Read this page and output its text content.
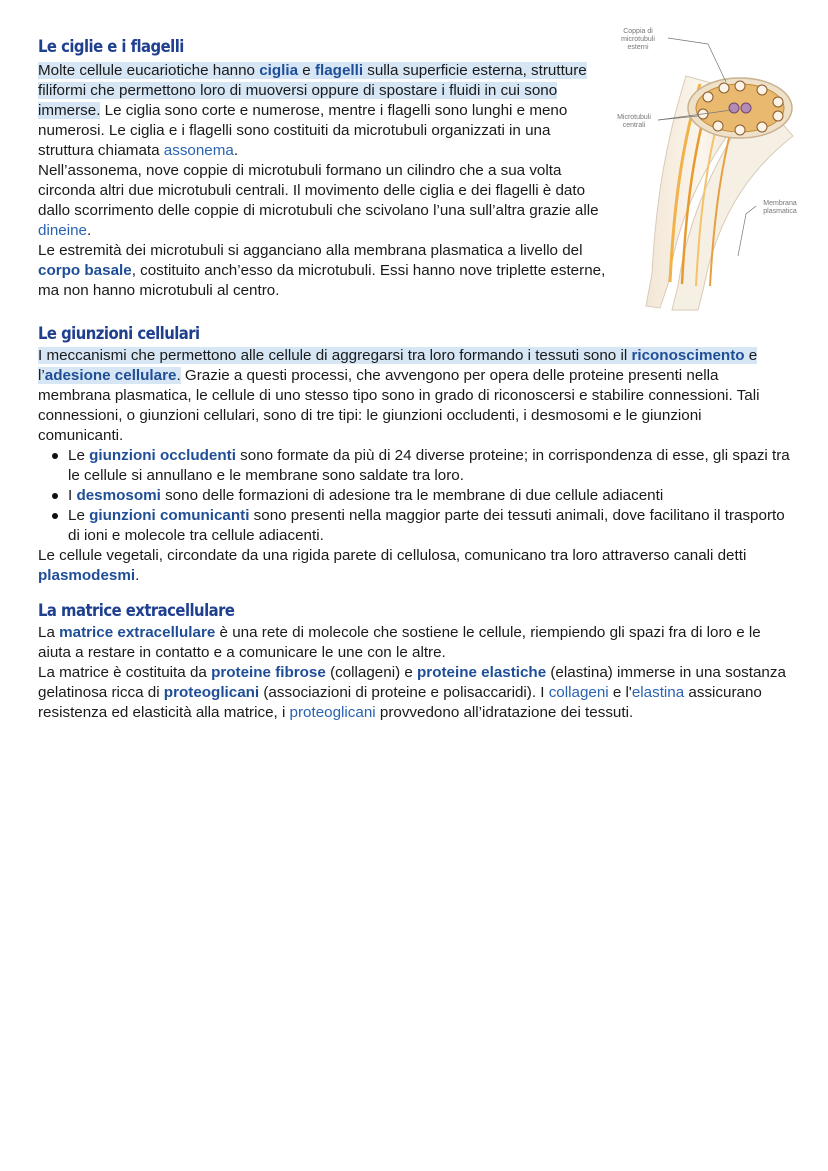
Le ciglie e i flagelli

Molte cellule eucariotiche hanno ciglia e flagelli sulla superficie esterna, strutture filiformi che permettono loro di muoversi oppure di spostare i fluidi in cui sono immerse. Le ciglia sono corte e numerose, mentre i flagelli sono lunghi e meno numerosi. Le ciglia e i flagelli sono costituiti da microtubuli organizzati in una struttura chiamata assonema.

Nell’assonema, nove coppie di microtubuli formano un cilindro che a sua volta circonda altri due microtubuli centrali. Il movimento delle ciglia e dei flagelli è dato dallo scorrimento delle coppie di microtubuli che scivolano l’una sull’altra grazie alle dineine.

Le estremità dei microtubuli si agganciano alla membrana plasmatica a livello del corpo basale, costituito anch’esso da microtubuli. Essi hanno nove triplette esterne, ma non hanno microtubuli al centro.

Coppia di microtubuli esterni
Microtubuli centrali
Membrana plasmatica
Le giunzioni cellulari

I meccanismi che permettono alle cellule di aggregarsi tra loro formando i tessuti sono il riconoscimento e l’adesione cellulare. Grazie a questi processi, che avvengono per opera delle proteine presenti nella membrana plasmatica, le cellule di uno stesso tipo sono in grado di riconoscersi e stabilire connessioni. Tali connessioni, o giunzioni cellulari, sono di tre tipi: le giunzioni occludenti, i desmosomi e le giunzioni comunicanti.

Le giunzioni occludenti sono formate da più di 24 diverse proteine; in corrispondenza di esse, gli spazi tra le cellule si annullano e le membrane sono saldate tra loro.
I desmosomi sono delle formazioni di adesione tra le membrane di due cellule adiacenti
Le giunzioni comunicanti sono presenti nella maggior parte dei tessuti animali, dove facilitano il trasporto di ioni e molecole tra cellule adiacenti.

Le cellule vegetali, circondate da una rigida parete di cellulosa, comunicano tra loro attraverso canali detti plasmodesmi.

La matrice extracellulare

La matrice extracellulare è una rete di molecole che sostiene le cellule, riempiendo gli spazi fra di loro e le aiuta a restare in contatto e a comunicare le une con le altre.

La matrice è costituita da proteine fibrose (collageni) e proteine elastiche (elastina) immerse in una sostanza gelatinosa ricca di proteoglicani (associazioni di proteine e polisaccaridi). I collageni e l'elastina assicurano resistenza ed elasticità alla matrice, i proteoglicani provvedono all’idratazione dei tessuti.
